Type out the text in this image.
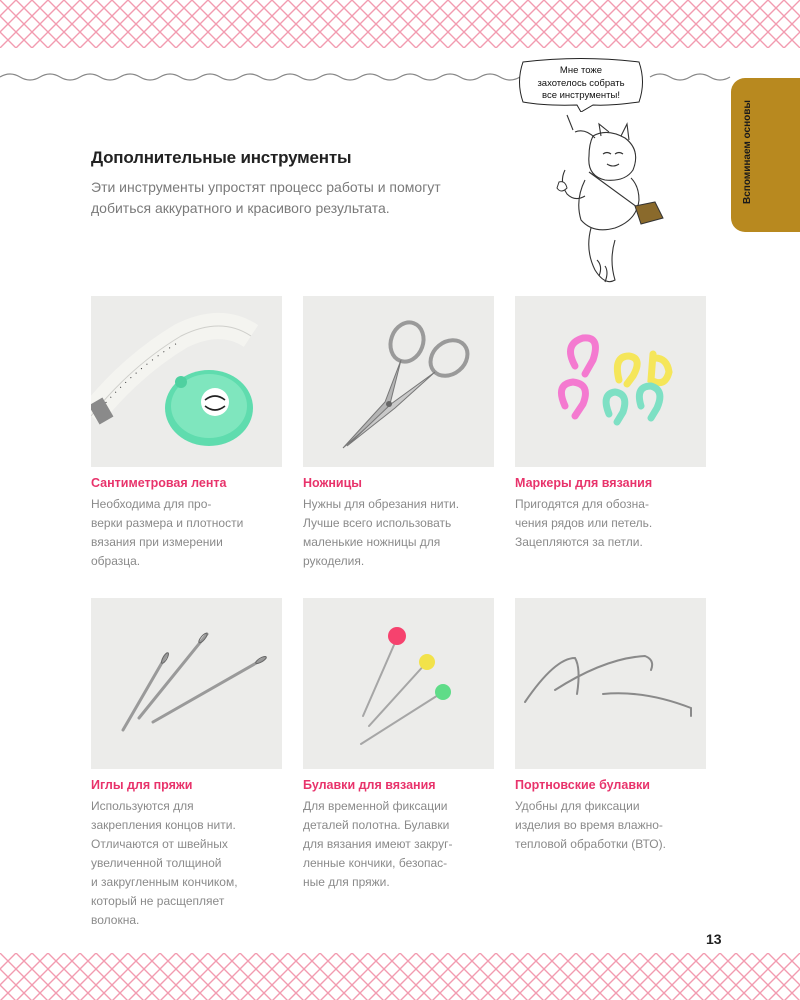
Мне тоже
захотелось собрать
все инструменты!
Вспоминаем основы
Дополнительные инструменты
Эти инструменты упростят процесс работы и помогут
добиться аккуратного и красивого результата.
Сантиметровая лента
Необходима для про-
верки размера и плотности
вязания при измерении
образца.
Ножницы
Нужны для обрезания нити.
Лучше всего использовать
маленькие ножницы для
рукоделия.
Маркеры для вязания
Пригодятся для обозна-
чения рядов или петель.
Зацепляются за петли.
Иглы для пряжи
Используются для
закрепления концов нити.
Отличаются от швейных
увеличенной толщиной
и закругленным кончиком,
который не расщепляет
волокна.
Булавки для вязания
Для временной фиксации
деталей полотна. Булавки
для вязания имеют закруг-
ленные кончики, безопас-
ные для пряжи.
Портновские булавки
Удобны для фиксации
изделия во время влажно-
тепловой обработки (ВТО).
13
